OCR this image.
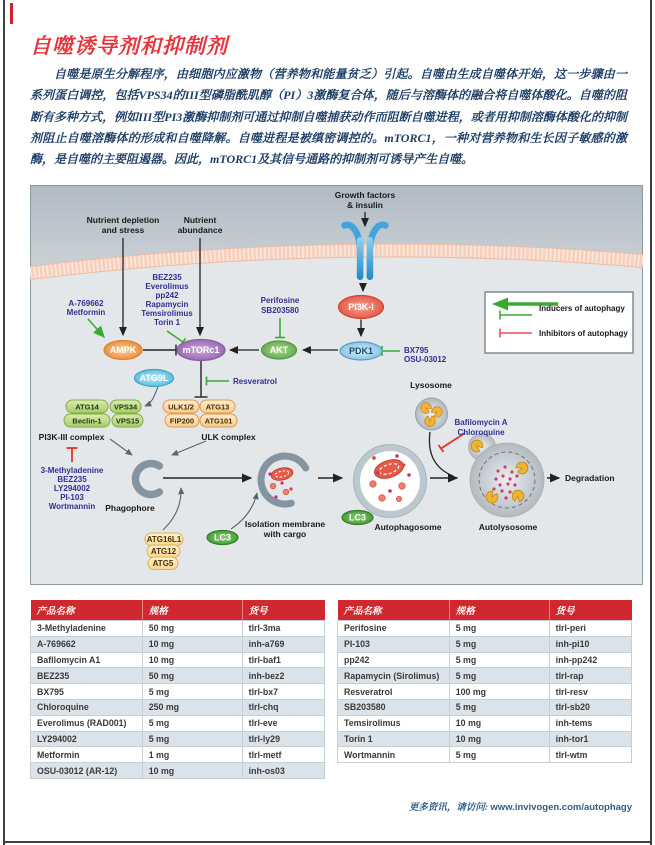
自噬诱导剂和抑制剂

自噬是原生分解程序，由细胞内应激物（营养物和能量贫乏）引起。自噬由生成自噬体开始，这一步骤由一系列蛋白调控，包括VPS34的III型磷脂酰肌醇（PI）3激酶复合体，随后与溶酶体的融合将自噬体酸化。自噬的阻断有多种方式，例如III型PI3激酶抑制剂可通过抑制自噬捕获动作而阻断自噬进程，或者用抑制溶酶体酸化的抑制剂阻止自噬溶酶体的形成和自噬降解。自噬进程是被缜密调控的。mTORC1，一种对营养物和生长因子敏感的激酶，是自噬的主要阻遏器。因此，mTORC1及其信号通路的抑制剂可诱导产生自噬。

Nutrient depletion
and stress
Nutrient
abundance
Growth factors
& insulin
AMPK	mTORc1	AKT
PI3K-I
PDK1
ATG9L
ATG14 VPS34
Beclin-1 VPS15
ULK1/2 ATG13
FIP200 ATG101
PI3K-III complex	ULK complex
ATG16L1
ATG12
ATG5
LC3
Phagophore
Isolation membrane
with cargo
LC3
Autophagosome
Lysosome
Autolysosome
Degradation
A-769662
Metformin
BEZ235
Everolimus
pp242
Rapamycin
Temsirolimus
Torin 1
Perifosine
SB203580
3-Methyladenine
BEZ235
LY294002
PI-103
Wortmannin
Bafilomycin A
Chloroquine
Resveratrol
BX795
OSU-03012
Inducers of autophagy
Inhibitors of autophagy
产品名称	规格	货号
3-Methyladenine	50 mg	tlrl-3ma
A-769662	10 mg	inh-a769
Bafilomycin A1	10 mg	tlrl-baf1
BEZ235	50 mg	inh-bez2
BX795	5 mg	tlrl-bx7
Chloroquine	250 mg	tlrl-chq
Everolimus (RAD001)	5 mg	tlrl-eve
LY294002	5 mg	tlrl-ly29
Metformin	1 mg	tlrl-metf
OSU-03012 (AR-12)	10 mg	inh-os03
产品名称	规格	货号
Perifosine	5 mg	tlrl-peri
PI-103	5 mg	inh-pi10
pp242	5 mg	inh-pp242
Rapamycin (Sirolimus)	5 mg	tlrl-rap
Resveratrol	100 mg	tlrl-resv
SB203580	5 mg	tlrl-sb20
Temsirolimus	10 mg	inh-tems
Torin 1	10 mg	inh-tor1
Wortmannin	5 mg	tlrl-wtm
更多资讯，请访问: www.invivogen.com/autophagy
